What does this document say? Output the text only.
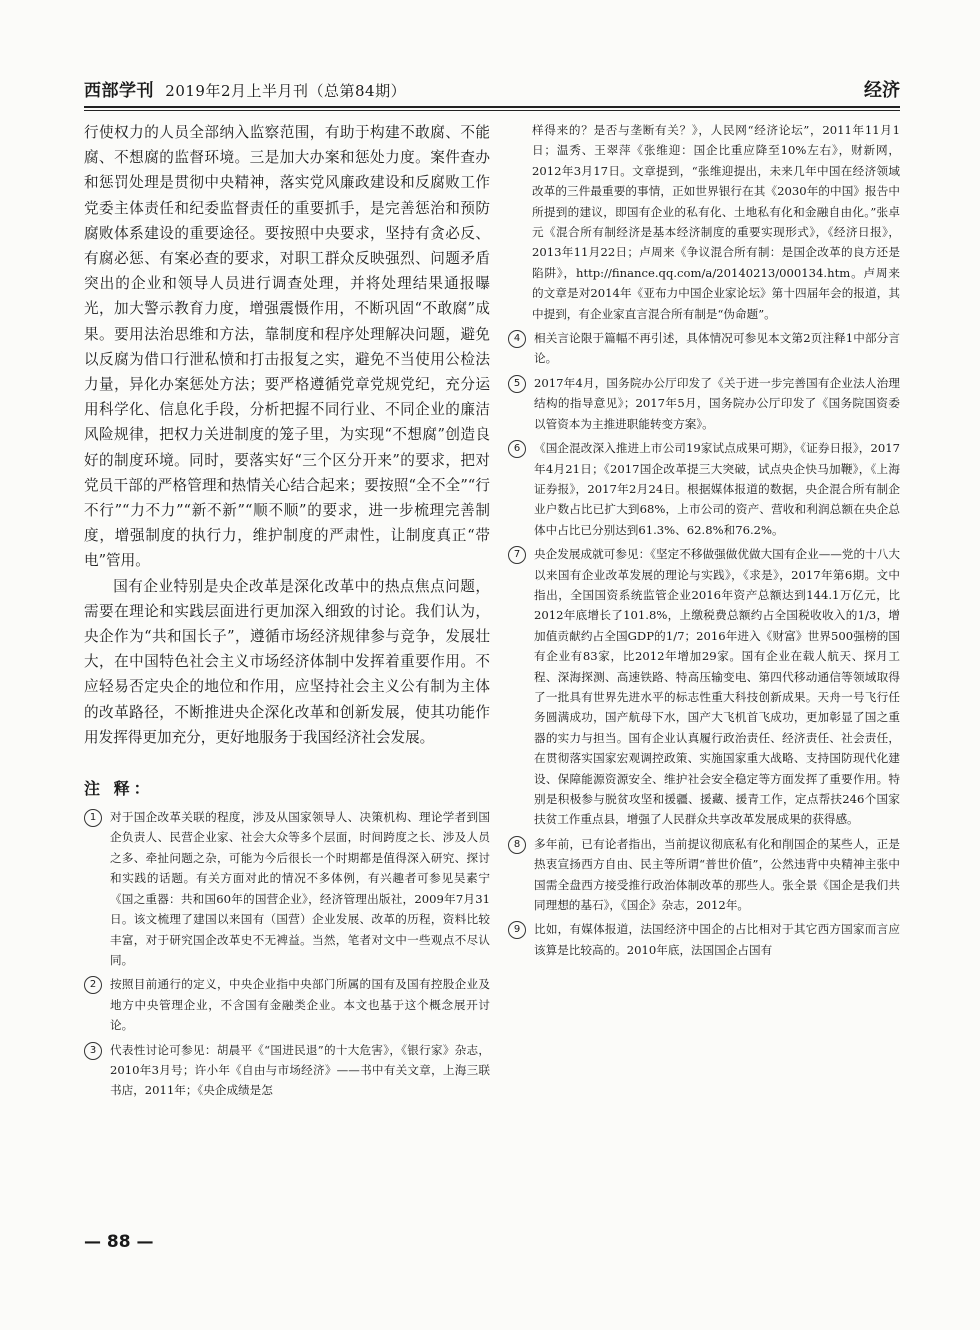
西部学刊 2019年2月上半月刊（总第84期）	经济

行使权力的人员全部纳入监察范围，有助于构建不敢腐、不能腐、不想腐的监督环境。三是加大办案和惩处力度。案件查办和惩罚处理是贯彻中央精神，落实党风廉政建设和反腐败工作党委主体责任和纪委监督责任的重要抓手，是完善惩治和预防腐败体系建设的重要途径。要按照中央要求，坚持有贪必反、有腐必惩、有案必查的要求，对职工群众反映强烈、问题矛盾突出的企业和领导人员进行调查处理，并将处理结果通报曝光，加大警示教育力度，增强震慑作用，不断巩固“不敢腐”成果。要用法治思维和方法，靠制度和程序处理解决问题，避免以反腐为借口行泄私愤和打击报复之实，避免不当使用公检法力量，异化办案惩处方法；要严格遵循党章党规党纪，充分运用科学化、信息化手段，分析把握不同行业、不同企业的廉洁风险规律，把权力关进制度的笼子里，为实现“不想腐”创造良好的制度环境。同时，要落实好“三个区分开来”的要求，把对党员干部的严格管理和热情关心结合起来；要按照“全不全”“行不行”“力不力”“新不新”“顺不顺”的要求，进一步梳理完善制度，增强制度的执行力，维护制度的严肃性，让制度真正“带电”管用。

国有企业特别是央企改革是深化改革中的热点焦点问题，需要在理论和实践层面进行更加深入细致的讨论。我们认为，央企作为“共和国长子”，遵循市场经济规律参与竞争，发展壮大，在中国特色社会主义市场经济体制中发挥着重要作用。不应轻易否定央企的地位和作用，应坚持社会主义公有制为主体的改革路径，不断推进央企深化改革和创新发展，使其功能作用发挥得更加充分，更好地服务于我国经济社会发展。

注 释：
1	对于国企改革关联的程度，涉及从国家领导人、决策机构、理论学者到国企负责人、民营企业家、社会大众等多个层面，时间跨度之长、涉及人员之多、牵扯问题之杂，可能为今后很长一个时期都是值得深入研究、探讨和实践的话题。有关方面对此的情况不多体例，有兴趣者可参见吴素宁《国之重器：共和国60年的国营企业》，经济管理出版社，2009年7月31日。该文梳理了建国以来国有（国营）企业发展、改革的历程，资料比较丰富，对于研究国企改革史不无裨益。当然，笔者对文中一些观点不尽认同。
2	按照目前通行的定义，中央企业指中央部门所属的国有及国有控股企业及地方中央管理企业，不含国有金融类企业。本文也基于这个概念展开讨论。
3	代表性讨论可参见：胡晨平《“国进民退”的十大危害》，《银行家》杂志，2010年3月号；许小年《自由与市场经济》——书中有关文章，上海三联书店，2011年；《央企成绩是怎
样得来的？是否与垄断有关？》，人民网“经济论坛”，2011年11月1日；温秀、王翠萍《张维迎：国企比重应降至10%左右》，财新网，2012年3月17日。文章提到，“张维迎提出，未来几年中国在经济领域改革的三件最重要的事情，正如世界银行在其《2030年的中国》报告中所提到的建议，即国有企业的私有化、土地私有化和金融自由化。”张卓元《混合所有制经济是基本经济制度的重要实现形式》，《经济日报》，2013年11月22日；卢周来《争议混合所有制：是国企改革的良方还是陷阱》，http://finance.qq.com/a/20140213/000134.htm。卢周来的文章是对2014年《亚布力中国企业家论坛》第十四届年会的报道，其中提到，有企业家直言混合所有制是“伪命题”。
4	相关言论限于篇幅不再引述，具体情况可参见本文第2页注释1中部分言论。
5	2017年4月，国务院办公厅印发了《关于进一步完善国有企业法人治理结构的指导意见》；2017年5月，国务院办公厅印发了《国务院国资委以管资本为主推进职能转变方案》。
6	《国企混改深入推进上市公司19家试点成果可期》，《证券日报》，2017年4月21日；《2017国企改革提三大突破，试点央企快马加鞭》，《上海证券报》，2017年2月24日。根据媒体报道的数据，央企混合所有制企业户数占比已扩大到68%，上市公司的资产、营收和利润总额在央企总体中占比已分别达到61.3%、62.8%和76.2%。
7	央企发展成就可参见：《坚定不移做强做优做大国有企业——党的十八大以来国有企业改革发展的理论与实践》，《求是》，2017年第6期。文中指出，全国国资系统监管企业2016年资产总额达到144.1万亿元，比2012年底增长了101.8%，上缴税费总额约占全国税收收入的1/3，增加值贡献约占全国GDP的1/7；2016年进入《财富》世界500强榜的国有企业有83家，比2012年增加29家。国有企业在载人航天、探月工程、深海探测、高速铁路、特高压输变电、第四代移动通信等领域取得了一批具有世界先进水平的标志性重大科技创新成果。天舟一号飞行任务圆满成功，国产航母下水，国产大飞机首飞成功，更加彰显了国之重器的实力与担当。国有企业认真履行政治责任、经济责任、社会责任，在贯彻落实国家宏观调控政策、实施国家重大战略、支持国防现代化建设、保障能源资源安全、维护社会安全稳定等方面发挥了重要作用。特别是积极参与脱贫攻坚和援疆、援藏、援青工作，定点帮扶246个国家扶贫工作重点县，增强了人民群众共享改革发展成果的获得感。
8	多年前，已有论者指出，当前提议彻底私有化和削国企的某些人，正是热衷宣扬西方自由、民主等所谓“普世价值”，公然违背中央精神主张中国需全盘西方接受推行政治体制改革的那些人。张全景《国企是我们共同理想的基石》，《国企》杂志，2012年。
9	比如，有媒体报道，法国经济中国企的占比相对于其它西方国家而言应该算是比较高的。2010年底，法国国企占国有
— 88 —
